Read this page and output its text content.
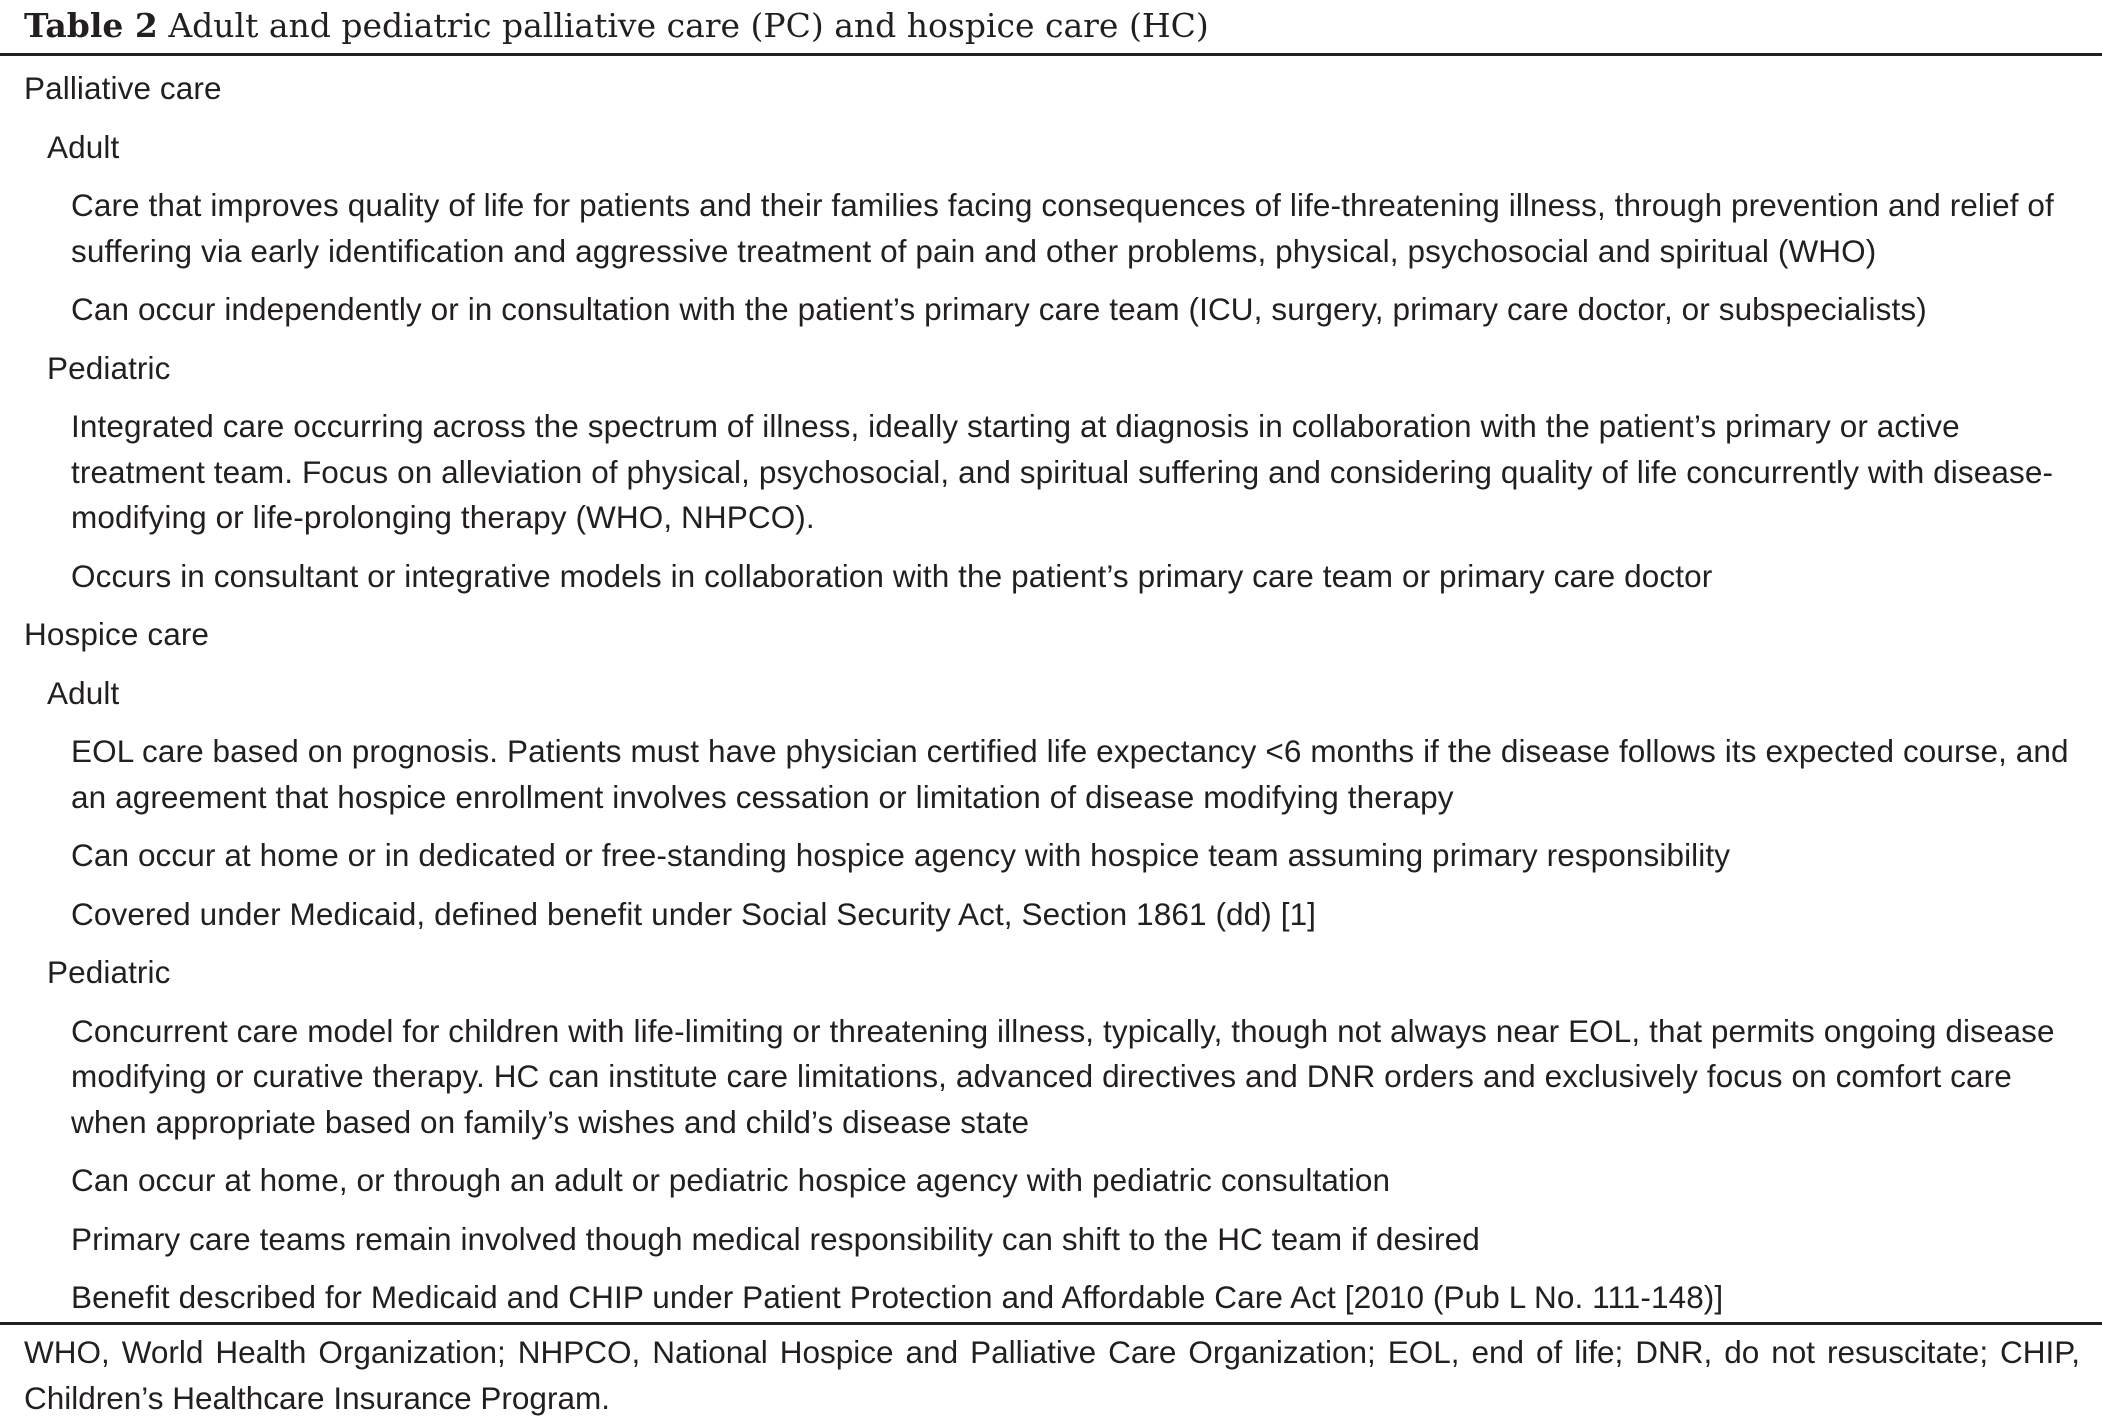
Table 2 Adult and pediatric palliative care (PC) and hospice care (HC)
Palliative care
Adult
Care that improves quality of life for patients and their families facing consequences of life-threatening illness, through prevention and relief of suffering via early identification and aggressive treatment of pain and other problems, physical, psychosocial and spiritual (WHO)
Can occur independently or in consultation with the patient’s primary care team (ICU, surgery, primary care doctor, or subspecialists)
Pediatric
Integrated care occurring across the spectrum of illness, ideally starting at diagnosis in collaboration with the patient’s primary or active treatment team. Focus on alleviation of physical, psychosocial, and spiritual suffering and considering quality of life concurrently with disease-modifying or life-prolonging therapy (WHO, NHPCO).
Occurs in consultant or integrative models in collaboration with the patient’s primary care team or primary care doctor
Hospice care
Adult
EOL care based on prognosis. Patients must have physician certified life expectancy <6 months if the disease follows its expected course, and an agreement that hospice enrollment involves cessation or limitation of disease modifying therapy
Can occur at home or in dedicated or free-standing hospice agency with hospice team assuming primary responsibility
Covered under Medicaid, defined benefit under Social Security Act, Section 1861 (dd) [1]
Pediatric
Concurrent care model for children with life-limiting or threatening illness, typically, though not always near EOL, that permits ongoing disease modifying or curative therapy. HC can institute care limitations, advanced directives and DNR orders and exclusively focus on comfort care when appropriate based on family’s wishes and child’s disease state
Can occur at home, or through an adult or pediatric hospice agency with pediatric consultation
Primary care teams remain involved though medical responsibility can shift to the HC team if desired
Benefit described for Medicaid and CHIP under Patient Protection and Affordable Care Act [2010 (Pub L No. 111-148)]
WHO, World Health Organization; NHPCO, National Hospice and Palliative Care Organization; EOL, end of life; DNR, do not resuscitate; CHIP, Children’s Healthcare Insurance Program.
